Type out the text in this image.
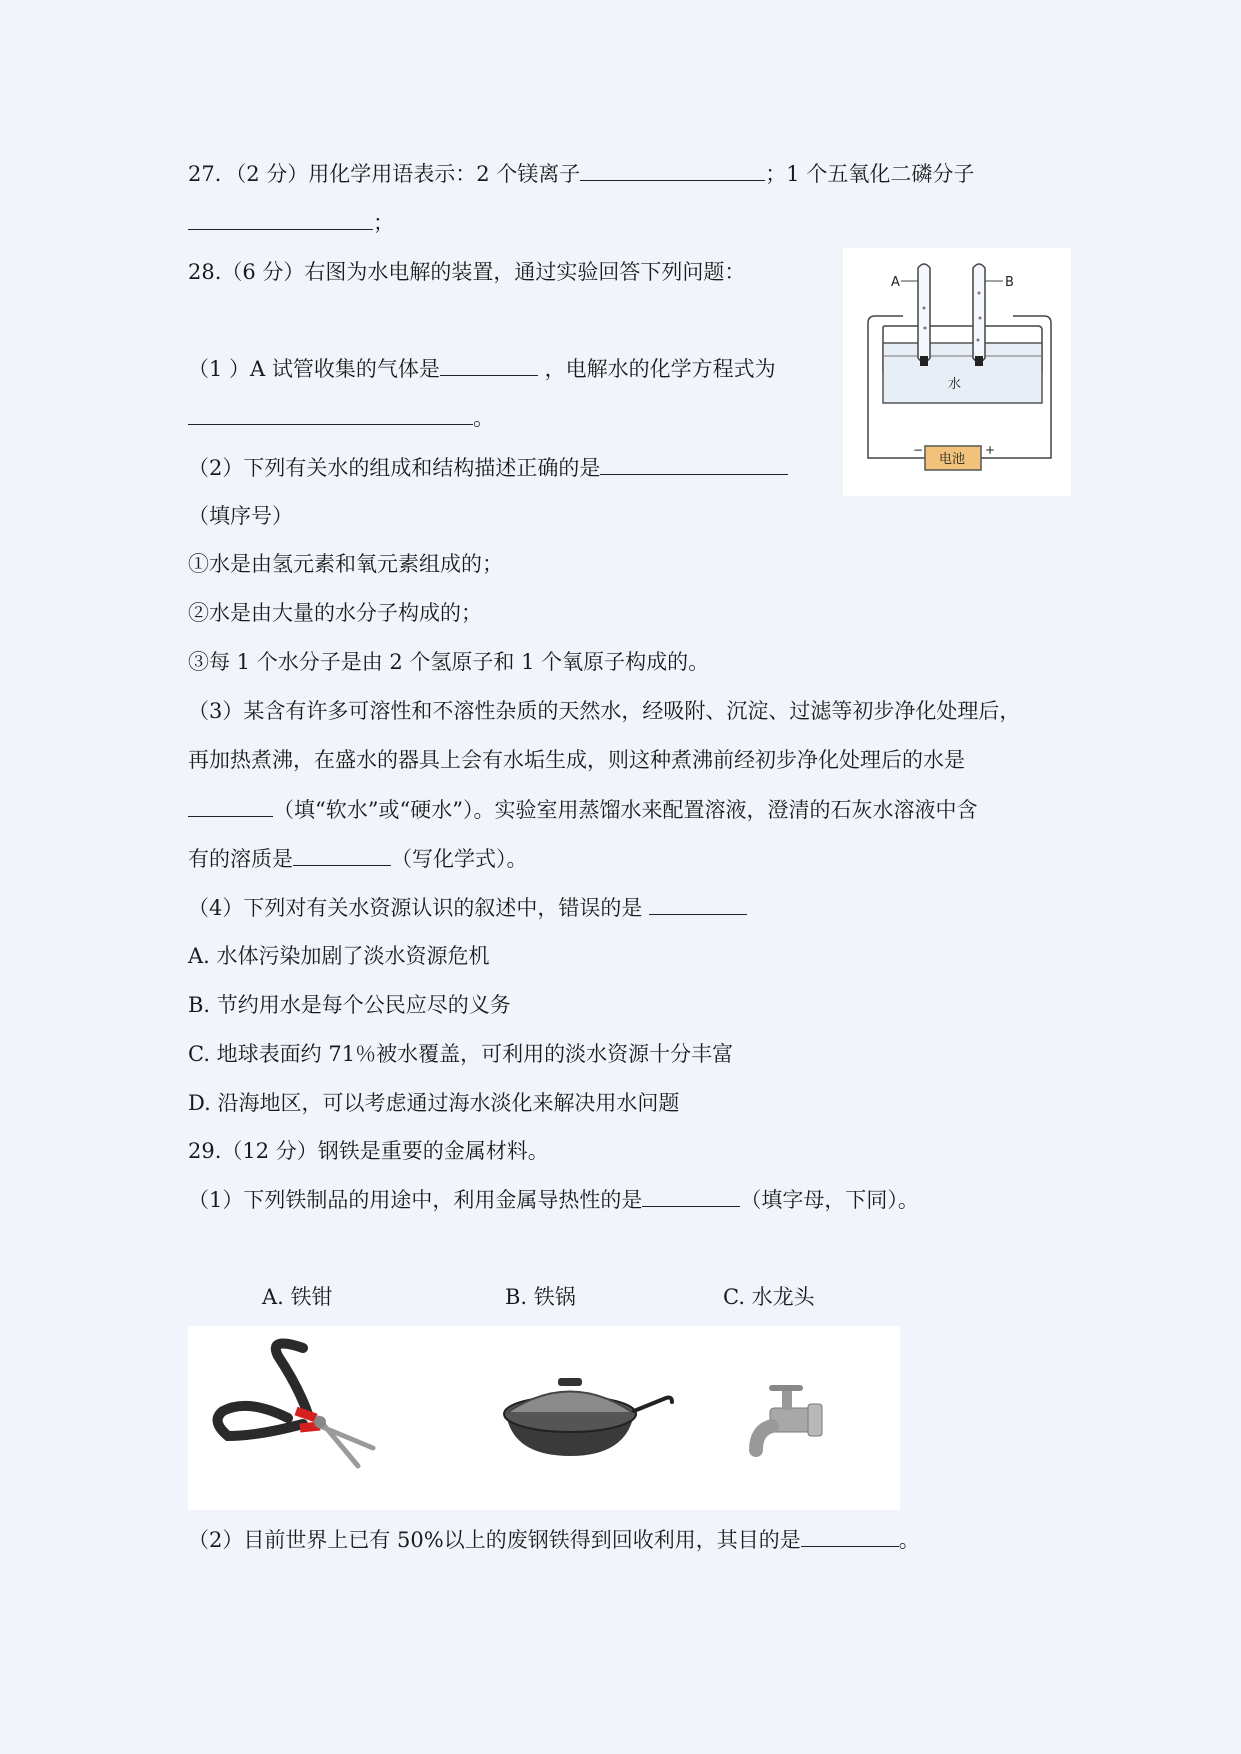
27．（2 分）用化学用语表示：2 个镁离子	；1 个五氧化二磷分子
；
28.（6 分）右图为水电解的装置，通过实验回答下列问题：
（1 ）A 试管收集的气体是	，电解水的化学方程式为
。
（2）下列有关水的组成和结构描述正确的是
（填序号）
①水是由氢元素和氧元素组成的；
②水是由大量的水分子构成的；
③每 1 个水分子是由 2 个氢原子和 1 个氧原子构成的。
（3）某含有许多可溶性和不溶性杂质的天然水，经吸附、沉淀、过滤等初步净化处理后，
再加热煮沸，在盛水的器具上会有水垢生成，则这种煮沸前经初步净化处理后的水是
（填“软水”或“硬水”）。实验室用蒸馏水来配置溶液，澄清的石灰水溶液中含
有的溶质是	（写化学式）。
（4）下列对有关水资源认识的叙述中，错误的是
A. 水体污染加剧了淡水资源危机
B. 节约用水是每个公民应尽的义务
C. 地球表面约 71％被水覆盖，可利用的淡水资源十分丰富
D. 沿海地区，可以考虑通过海水淡化来解决用水问题
A	B
水
电池
−	+
29.（12 分）钢铁是重要的金属材料。
（1）下列铁制品的用途中，利用金属导热性的是	（填字母，下同）。
A. 铁钳	B. 铁锅	C. 水龙头
（2）目前世界上已有 50%以上的废钢铁得到回收利用，其目的是	。
